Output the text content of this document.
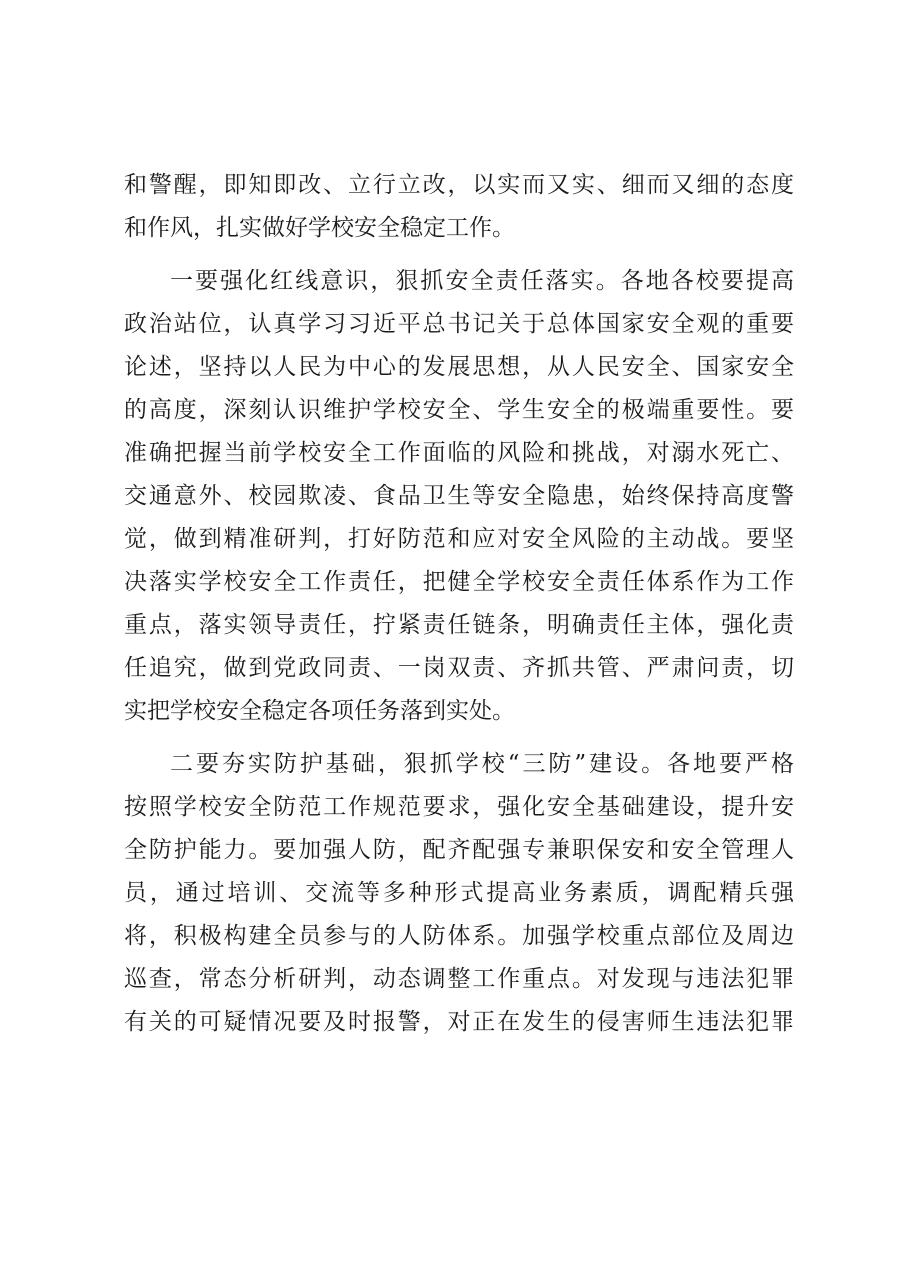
和警醒，即知即改、立行立改，以实而又实、细而又细的态度
和作风，扎实做好学校安全稳定工作。
一要强化红线意识，狠抓安全责任落实。各地各校要提高
政治站位，认真学习习近平总书记关于总体国家安全观的重要
论述，坚持以人民为中心的发展思想，从人民安全、国家安全
的高度，深刻认识维护学校安全、学生安全的极端重要性。要
准确把握当前学校安全工作面临的风险和挑战，对溺水死亡、
交通意外、校园欺凌、食品卫生等安全隐患，始终保持高度警
觉，做到精准研判，打好防范和应对安全风险的主动战。要坚
决落实学校安全工作责任，把健全学校安全责任体系作为工作
重点，落实领导责任，拧紧责任链条，明确责任主体，强化责
任追究，做到党政同责、一岗双责、齐抓共管、严肃问责，切
实把学校安全稳定各项任务落到实处。
二要夯实防护基础，狠抓学校“三防”建设。各地要严格
按照学校安全防范工作规范要求，强化安全基础建设，提升安
全防护能力。要加强人防，配齐配强专兼职保安和安全管理人
员，通过培训、交流等多种形式提高业务素质，调配精兵强
将，积极构建全员参与的人防体系。加强学校重点部位及周边
巡查，常态分析研判，动态调整工作重点。对发现与违法犯罪
有关的可疑情况要及时报警，对正在发生的侵害师生违法犯罪
